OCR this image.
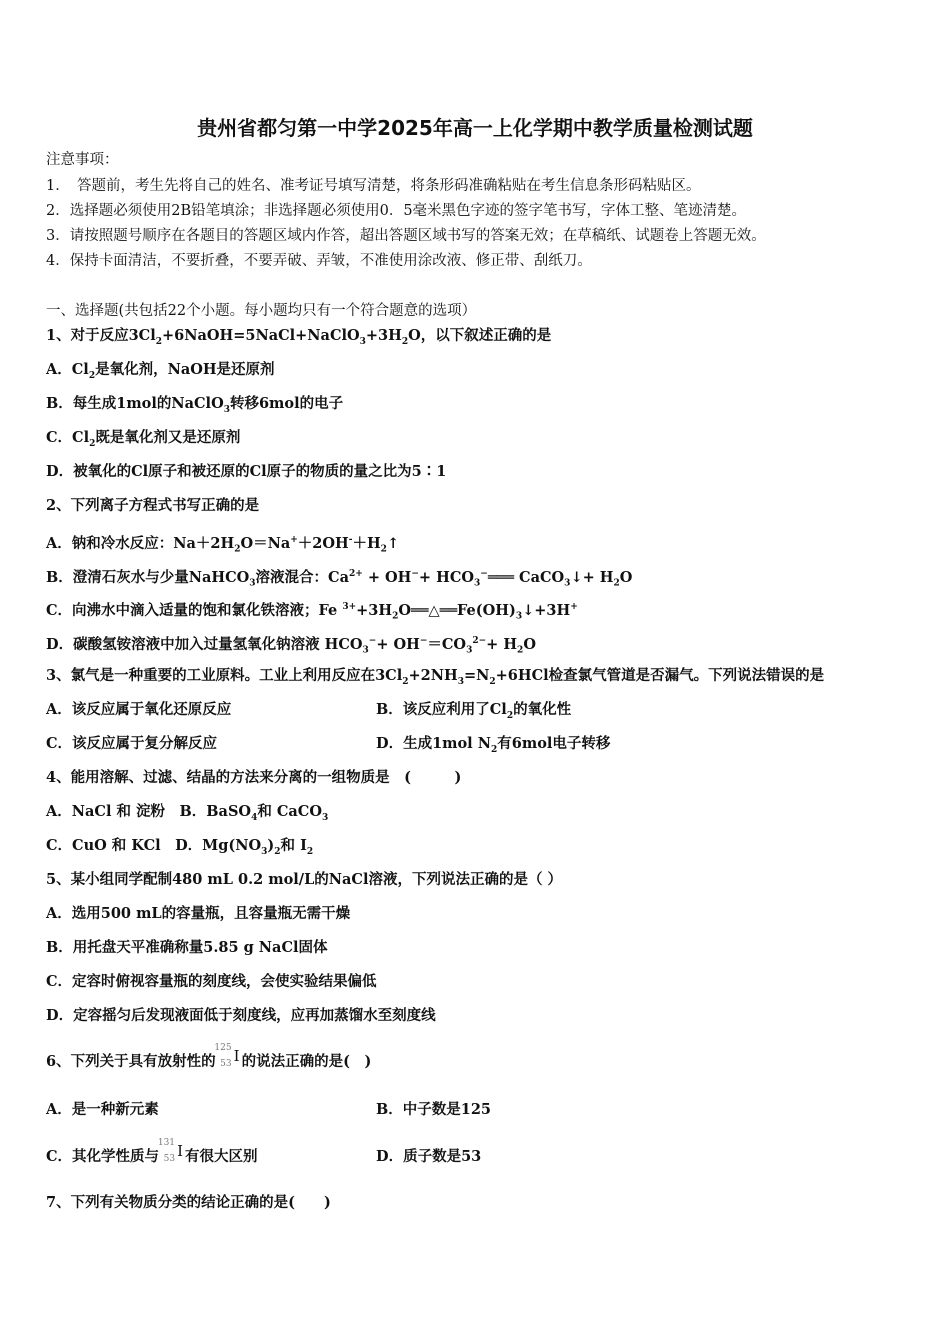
贵州省都匀第一中学2025年高一上化学期中教学质量检测试题
注意事项：
1．　答题前，考生先将自己的姓名、准考证号填写清楚，将条形码准确粘贴在考生信息条形码粘贴区。
2．选择题必须使用2B铅笔填涂；非选择题必须使用0．5毫米黑色字迹的签字笔书写，字体工整、笔迹清楚。
3．请按照题号顺序在各题目的答题区域内作答，超出答题区域书写的答案无效；在草稿纸、试题卷上答题无效。
4．保持卡面清洁，不要折叠，不要弄破、弄皱，不准使用涂改液、修正带、刮纸刀。
一、选择题(共包括22个小题。每小题均只有一个符合题意的选项）
1、对于反应$3Cl_2+6NaOH=5NaCl+NaClO_3+3H_2O$，以下叙述正确的是
A．$Cl_2$是氧化剂，NaOH是还原剂
B．每生成1mol的NaClO$_3$转移6mol的电子
C．$Cl_2$既是氧化剂又是还原剂
D．被氧化的Cl原子和被还原的Cl原子的物质的量之比为5∶1
2、下列离子方程式书写正确的是
A．钠和冷水反应：$Na+2H_2O=Na^++2OH^-+H_2↑$
B．澄清石灰水与少量NaHCO$_3$溶液混合：$Ca^{2+} + OH^-+$ $HCO_3^-═══$ CaCO$_3$↓+ $H_2O$
C．向沸水中滴入适量的饱和氯化铁溶液；Fe $^{3+}+3H_2O══\triangle══Fe(OH)_3↓+3H^+$
D．碳酸氢铵溶液中加入过量氢氧化钠溶液 $HCO_3^-+ OH^-=CO_3^{2-}+ H_2O$
3、氯气是一种重要的工业原料。工业上利用反应在$3Cl_2+2NH_3=N_2+6HCl$检查氯气管道是否漏气。下列说法错误的是
A．该反应属于氧化还原反应	B．该反应利用了$Cl_2$的氧化性
C．该反应属于复分解反应	D．生成1mol $N_2$有6mol电子转移
4、能用溶解、过滤、结晶的方法来分离的一组物质是　(　　　)
A．NaCl 和 淀粉　B．BaSO$_4$和 CaCO$_3$
C．CuO 和 KCl　D．$Mg(NO_3)_2$和 $I_2$
5、某小组同学配制480 mL 0.2 mol/L的NaCl溶液，下列说法正确的是（ ）
A．选用500 mL的容量瓶，且容量瓶无需干燥
B．用托盘天平准确称量5.85 g NaCl固体
C．定容时俯视容量瓶的刻度线，会使实验结果偏低
D．定容摇匀后发现液面低于刻度线，应再加蒸馏水至刻度线
6、下列关于具有放射性的
125
53 I 的说法正确的是(　)
A．是一种新元素	B．中子数是125
C．其化学性质与
131
53 I 有很大区别	D．质子数是53
7、下列有关物质分类的结论正确的是(　　)
